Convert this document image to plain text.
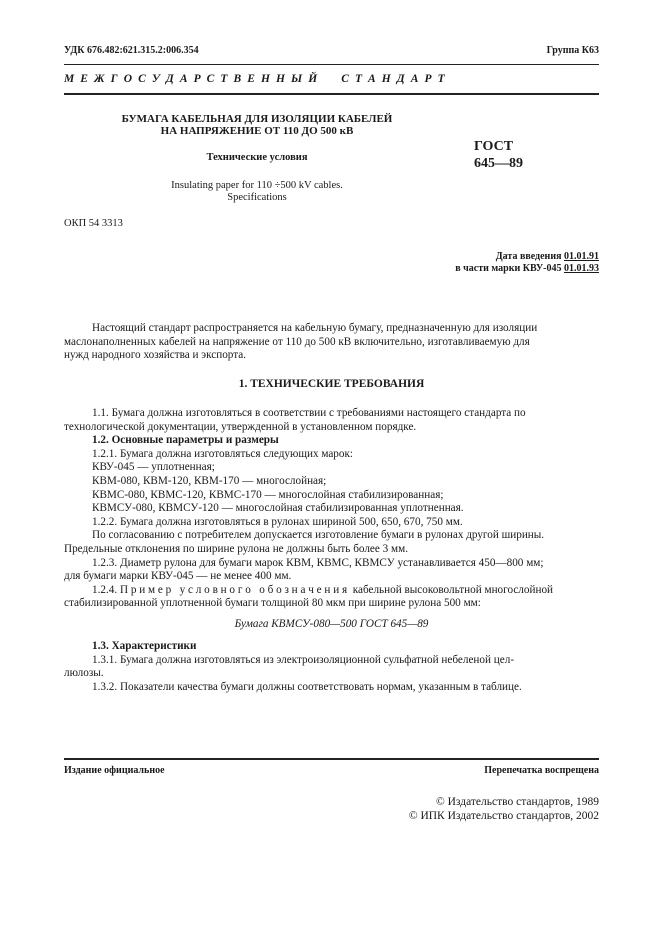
УДК 676.482:621.315.2:006.354	Группа К63
М Е Ж Г О С У Д А Р С Т В Е Н Н Ы Й     С Т А Н Д А Р Т
БУМАГА КАБЕЛЬНАЯ ДЛЯ ИЗОЛЯЦИИ КАБЕЛЕЙ
НА НАПРЯЖЕНИЕ ОТ 110 ДО 500 кВ
Технические условия
Insulating paper for 110 ÷500 kV cables.
Specifications
ГОСТ
645—89
ОКП 54 3313
Дата введения 01.01.91
в части марки КВУ-045 01.01.93
Настоящий стандарт распространяется на кабельную бумагу, предназначенную для изоляции
маслонаполненных кабелей на напряжение от 110 до 500 кВ включительно, изготавливаемую для
нужд народного хозяйства и экспорта.
1. ТЕХНИЧЕСКИЕ ТРЕБОВАНИЯ
1.1. Бумага должна изготовляться в соответствии с требованиями настоящего стандарта по
технологической документации, утвержденной в установленном порядке.
1.2. Основные параметры и размеры
1.2.1. Бумага должна изготовляться следующих марок:
КВУ-045 — уплотненная;
КВМ-080, КВМ-120, КВМ-170 — многослойная;
КВМС-080, КВМС-120, КВМС-170 — многослойная стабилизированная;
КВМСУ-080, КВМСУ-120 — многослойная стабилизированная уплотненная.
1.2.2. Бумага должна изготовляться в рулонах шириной 500, 650, 670, 750 мм.
По согласованию с потребителем допускается изготовление бумаги в рулонах другой ширины.
Предельные отклонения по ширине рулона не должны быть более 3 мм.
1.2.3. Диаметр рулона для бумаги марок КВМ, КВМС, КВМСУ устанавливается 450—800 мм;
для бумаги марки КВУ-045 — не менее 400 мм.
1.2.4. П р и м е р   у с л о в н о г о   о б о з н а ч е н и я кабельной высоковольтной многослойной
стабилизированной уплотненной бумаги толщиной 80 мкм при ширине рулона 500 мм:
Бумага КВМСУ-080—500 ГОСТ 645—89
1.3. Характеристики
1.3.1. Бумага должна изготовляться из электроизоляционной сульфатной небеленой цел-
люлозы.
1.3.2. Показатели качества бумаги должны соответствовать нормам, указанным в таблице.
Издание официальное	Перепечатка воспрещена
© Издательство стандартов, 1989
© ИПК Издательство стандартов, 2002
